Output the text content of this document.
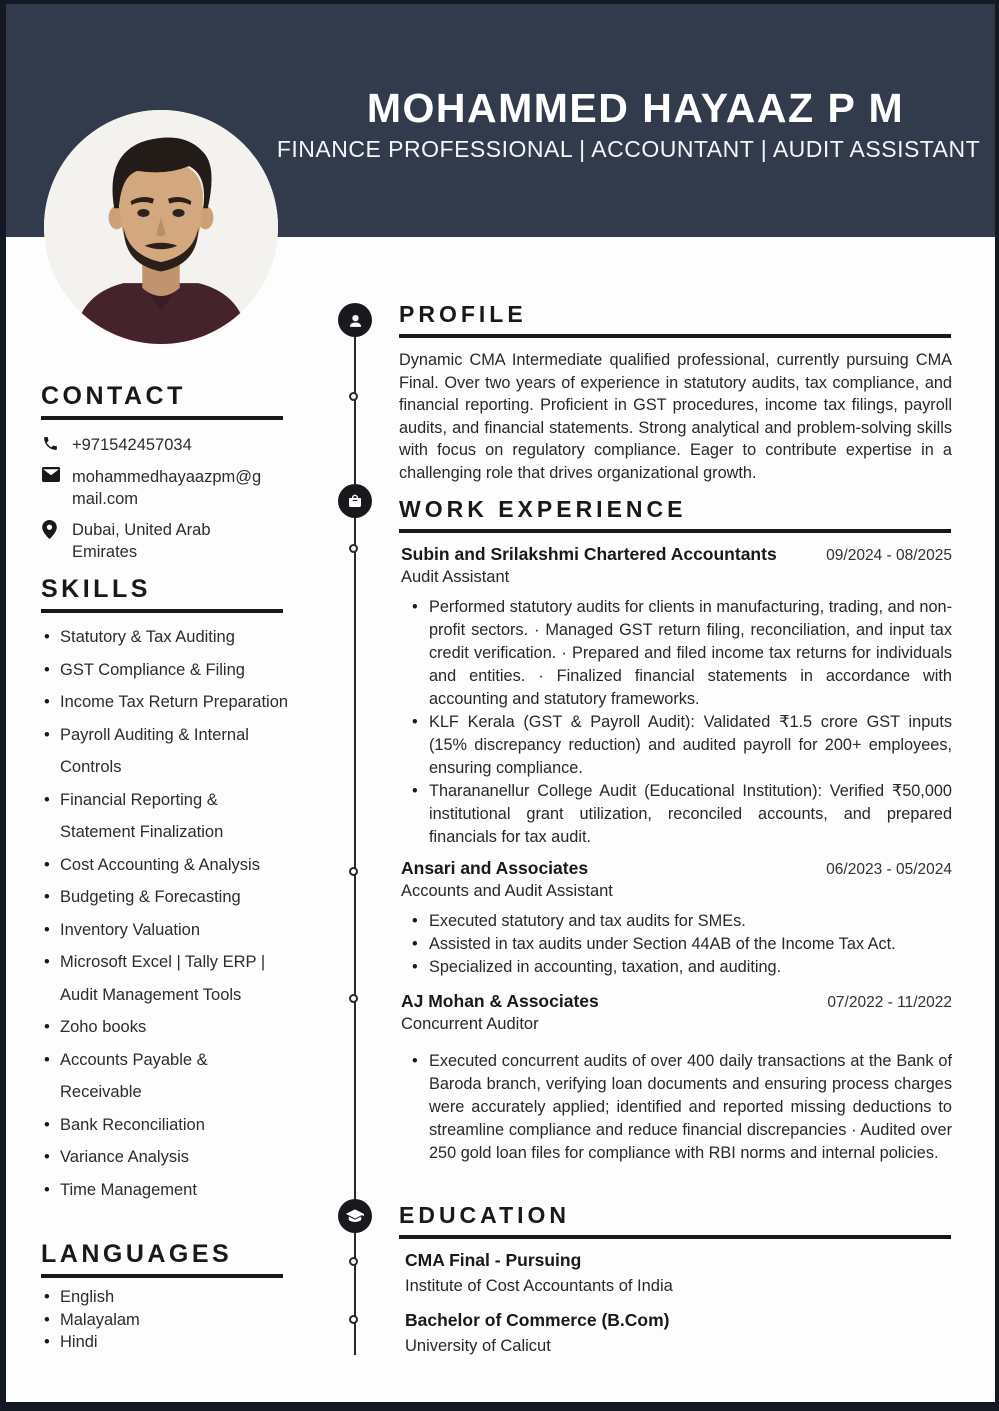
MOHAMMED HAYAAZ P M
FINANCE PROFESSIONAL | ACCOUNTANT | AUDIT ASSISTANT
CONTACT
+971542457034
mohammedhayaazpm@gmail.com
Dubai, United Arab Emirates
SKILLS
• Statutory & Tax Auditing
• GST Compliance & Filing
• Income Tax Return Preparation
• Payroll Auditing & Internal Controls
• Financial Reporting & Statement Finalization
• Cost Accounting & Analysis
• Budgeting & Forecasting
• Inventory Valuation
• Microsoft Excel | Tally ERP | Audit Management Tools
• Zoho books
• Accounts Payable & Receivable
• Bank Reconciliation
• Variance Analysis
• Time Management
LANGUAGES
• English
• Malayalam
• Hindi
PROFILE
Dynamic CMA Intermediate qualified professional, currently pursuing CMA Final. Over two years of experience in statutory audits, tax compliance, and financial reporting. Proficient in GST procedures, income tax filings, payroll audits, and financial statements. Strong analytical and problem-solving skills with focus on regulatory compliance. Eager to contribute expertise in a challenging role that drives organizational growth.
WORK EXPERIENCE
Subin and Srilakshmi Chartered Accountants	09/2024 - 08/2025
Audit Assistant
• Performed statutory audits for clients in manufacturing, trading, and non-profit sectors. · Managed GST return filing, reconciliation, and input tax credit verification. · Prepared and filed income tax returns for individuals and entities. · Finalized financial statements in accordance with accounting and statutory frameworks.
• KLF Kerala (GST & Payroll Audit): Validated ₹1.5 crore GST inputs (15% discrepancy reduction) and audited payroll for 200+ employees, ensuring compliance.
• Tharananellur College Audit (Educational Institution): Verified ₹50,000 institutional grant utilization, reconciled accounts, and prepared financials for tax audit.
Ansari and Associates	06/2023 - 05/2024
Accounts and Audit Assistant
• Executed statutory and tax audits for SMEs.
• Assisted in tax audits under Section 44AB of the Income Tax Act.
• Specialized in accounting, taxation, and auditing.
AJ Mohan & Associates	07/2022 - 11/2022
Concurrent Auditor
• Executed concurrent audits of over 400 daily transactions at the Bank of Baroda branch, verifying loan documents and ensuring process charges were accurately applied; identified and reported missing deductions to streamline compliance and reduce financial discrepancies · Audited over 250 gold loan files for compliance with RBI norms and internal policies.
EDUCATION
CMA Final - Pursuing
Institute of Cost Accountants of India
Bachelor of Commerce (B.Com)
University of Calicut
